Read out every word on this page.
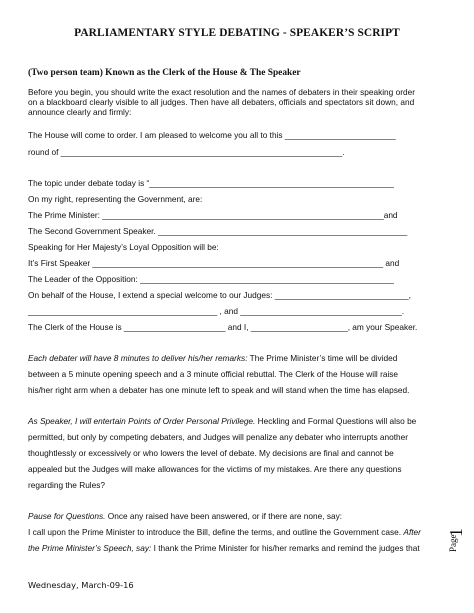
PARLIAMENTARY STYLE DEBATING - SPEAKER’S SCRIPT
(Two person team) Known as the Clerk of the House & The Speaker
Before you begin, you should write the exact resolution and the names of debaters in their speaking order
on a blackboard clearly visible to all judges. Then have all debaters, officials and spectators sit down, and
announce clearly and firmly:
The House will come to order. I am pleased to welcome you all to this ________________________
round of _____________________________________________________________.
The topic under debate today is “_____________________________________________________
On my right, representing the Government, are:
The Prime Minister: _____________________________________________________________and
The Second Government Speaker. ______________________________________________________
Speaking for Her Majesty’s Loyal Opposition will be:
It’s First Speaker _______________________________________________________________ and
The Leader of the Opposition: _______________________________________________________
On behalf of the House, I extend a special welcome to our Judges: _____________________________,
_________________________________________ , and ___________________________________.
The Clerk of the House is ______________________ and I, _____________________, am your Speaker.
Each debater will have 8 minutes to deliver his/her remarks: The Prime Minister’s time will be divided
between a 5 minute opening speech and a 3 minute official rebuttal. The Clerk of the House will raise
his/her right arm when a debater has one minute left to speak and will stand when the time has elapsed.
As Speaker, I will entertain Points of Order Personal Privilege. Heckling and Formal Questions will also be
permitted, but only by competing debaters, and Judges will penalize any debater who interrupts another
thoughtlessly or excessively or who lowers the level of debate. My decisions are final and cannot be
appealed but the Judges will make allowances for the victims of my mistakes. Are there any questions
regarding the Rules?
Pause for Questions. Once any raised have been answered, or if there are none, say:
I call upon the Prime Minister to introduce the Bill, define the terms, and outline the Government case. After
the Prime Minister’s Speech, say: I thank the Prime Minister for his/her remarks and remind the judges that
Wednesday, March-09-16
Page
1
